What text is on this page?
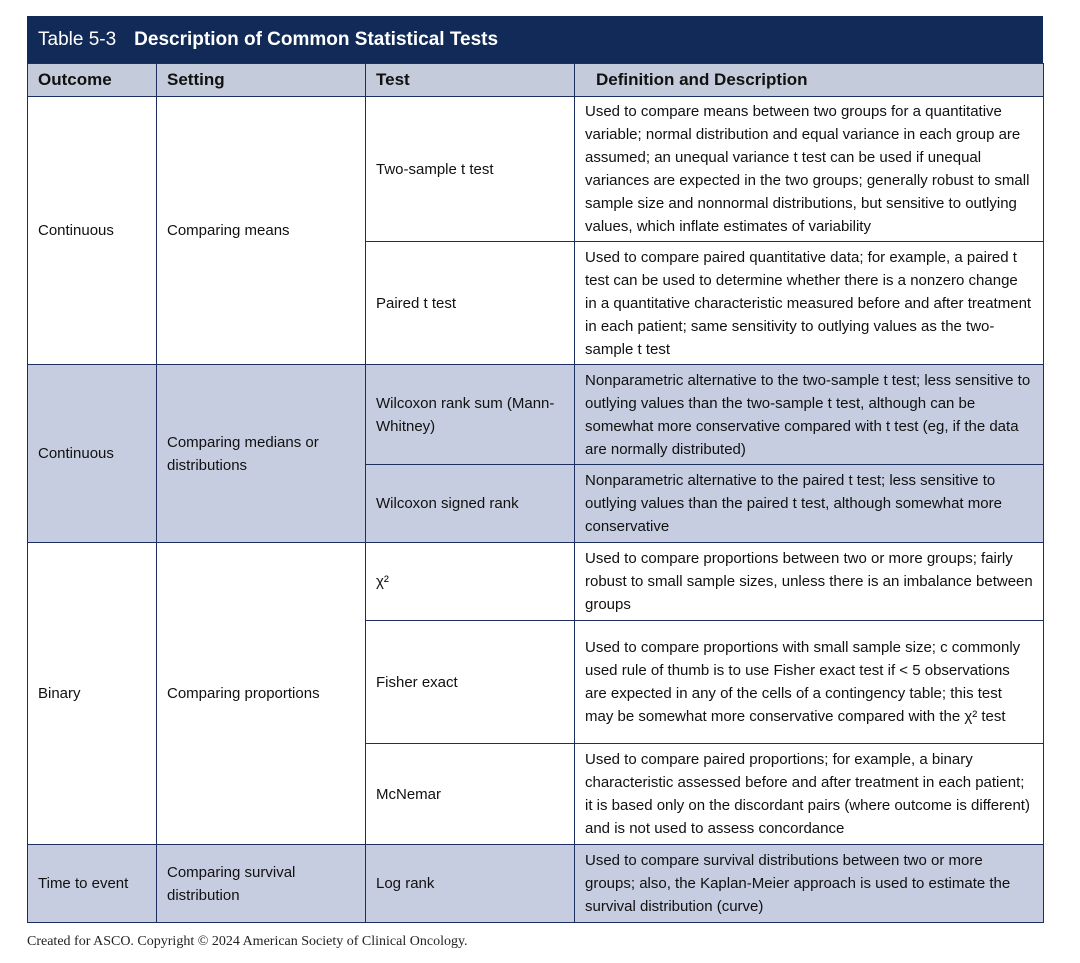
Table 5-3 Description of Common Statistical Tests
Outcome	Setting	Test	Definition and Description
Continuous	Comparing means	Two-sample t test	Used to compare means between two groups for a quantitative variable; normal distribution and equal variance in each group are assumed; an unequal variance t test can be used if unequal variances are expected in the two groups; generally robust to small sample size and nonnormal distributions, but sensitive to outlying values, which inflate estimates of variability
		Paired t test	Used to compare paired quantitative data; for example, a paired t test can be used to determine whether there is a nonzero change in a quantitative characteristic measured before and after treatment in each patient; same sensitivity to outlying values as the two-sample t test
Continuous	Comparing medians or distributions	Wilcoxon rank sum (Mann-Whitney)	Nonparametric alternative to the two-sample t test; less sensitive to outlying values than the two-sample t test, although can be somewhat more conservative compared with t test (eg, if the data are normally distributed)
		Wilcoxon signed rank	Nonparametric alternative to the paired t test; less sensitive to outlying values than the paired t test, although somewhat more conservative
Binary	Comparing proportions	χ²	Used to compare proportions between two or more groups; fairly robust to small sample sizes, unless there is an imbalance between groups
		Fisher exact	Used to compare proportions with small sample size; c commonly used rule of thumb is to use Fisher exact test if < 5 observations are expected in any of the cells of a contingency table; this test may be somewhat more conservative compared with the χ² test
		McNemar	Used to compare paired proportions; for example, a binary characteristic assessed before and after treatment in each patient; it is based only on the discordant pairs (where outcome is different) and is not used to assess concordance
Time to event	Comparing survival distribution	Log rank	Used to compare survival distributions between two or more groups; also, the Kaplan-Meier approach is used to estimate the survival distribution (curve)
Created for ASCO. Copyright © 2024 American Society of Clinical Oncology.
